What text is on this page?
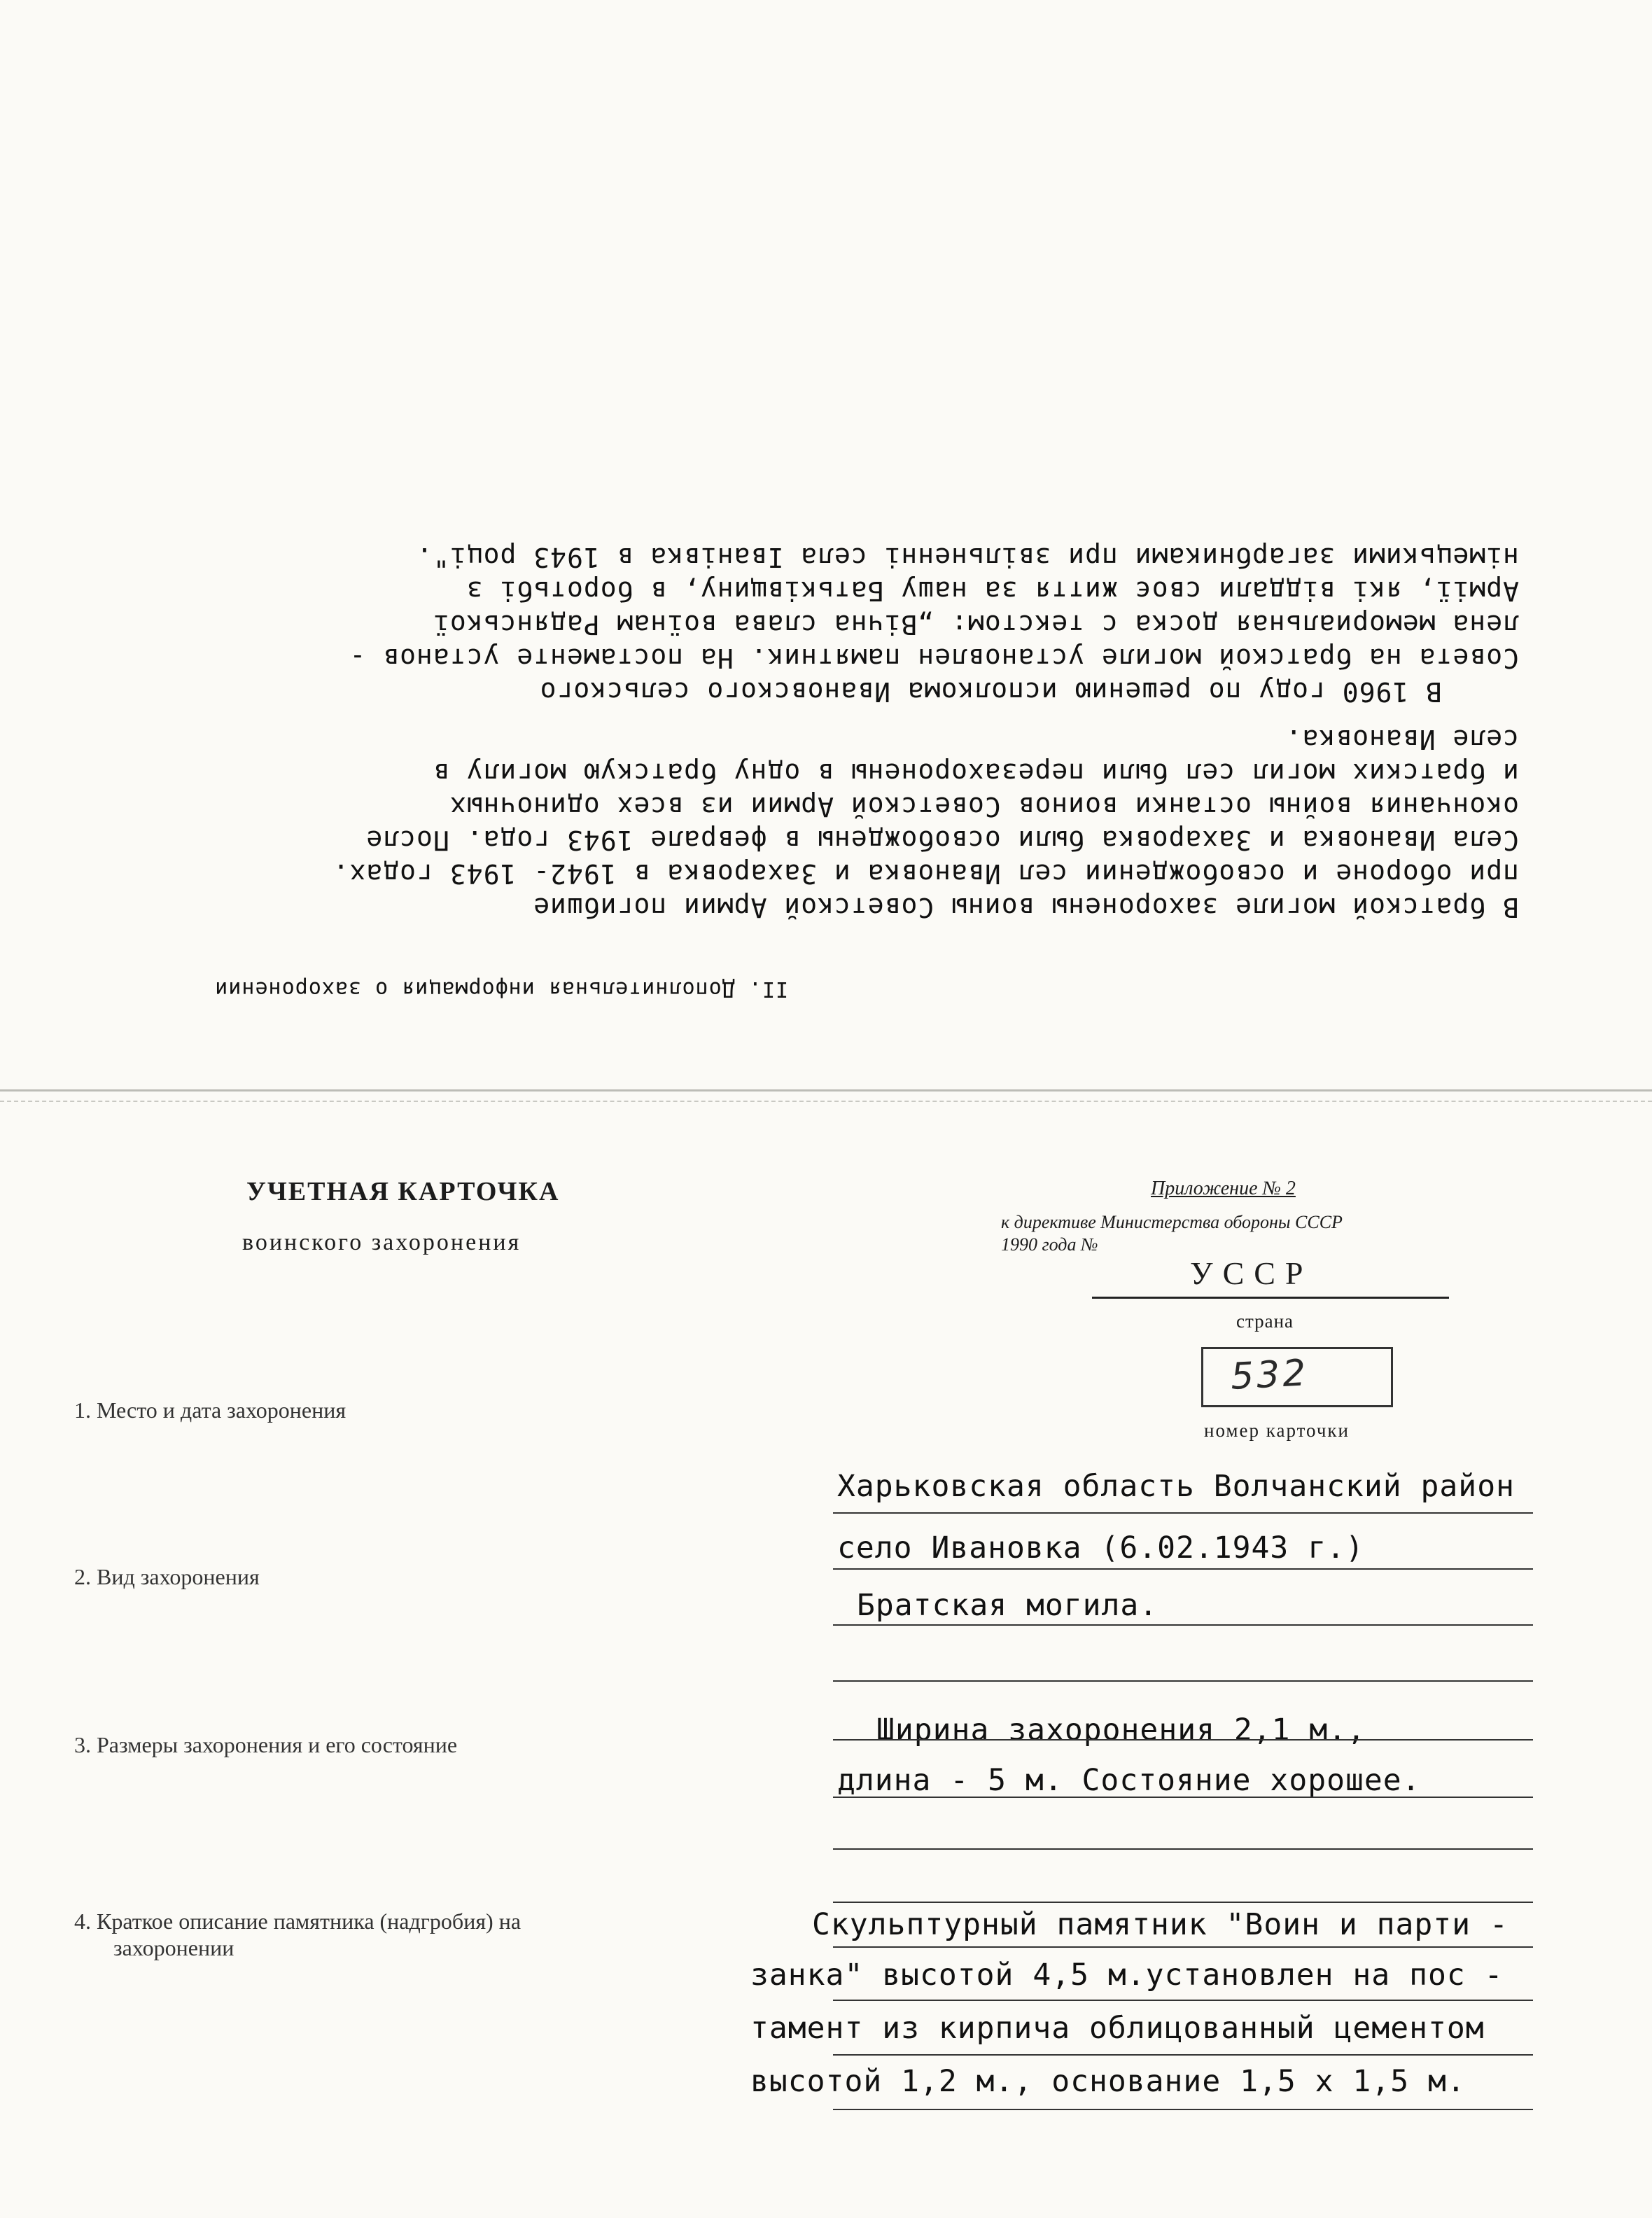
II. Дополнительная информация о захоронении
В братской могиле захоронены воины Советской Армии погибшие
при обороне и освобождении сел Ивановка и Захаровка в 1942- 1943 годах.
Села Ивановка и Захаровка были освобождены в феврале 1943 года. После
окончания войны останки воинов Советской Армии из всех одиночных
и братских могил сел были перезахоронены в одну братскую могилу в
селе Ивановка.
В 1960 году по решению исполкома Ивановского сельского
Совета на братской могиле установлен памятник. На постаменте установ -
лена мемориальная доска с текстом: „Вiчна слава воїнам Радянської
Армії, якi вiддали своє життя за нашу Батькiвщину, в боротьбi з
нiмецькими загарбниками при звiльненнi села Iванiвка в 1943 роцi".
УЧЕТНАЯ КАРТОЧКА
воинского захоронения
Приложение № 2
к директиве Министерства обороны СССР
1990 года №
УССР
страна
532
номер карточки
1. Место и дата захоронения
Харьковская область Волчанский район
село Ивановка (6.02.1943 г.)
2. Вид захоронения
Братская могила.
3. Размеры захоронения и его состояние	Ширина захоронения 2,1 м.,
длина - 5 м. Состояние хорошее.
4. Краткое описание памятника (надгробия) на
захоронении
Скульптурный памятник "Воин и парти -
занка" высотой 4,5 м.установлен на пос -
тамент из кирпича облицованный цементом
высотой 1,2 м., основание 1,5 х 1,5 м.
